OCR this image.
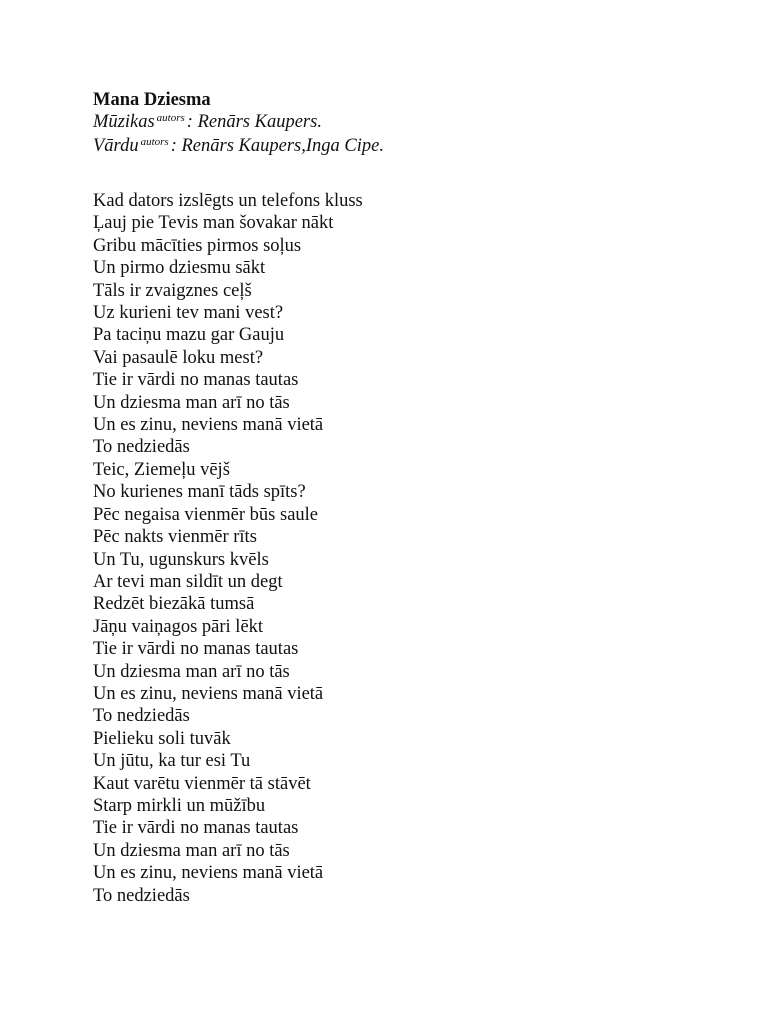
Mana Dziesma

Mūzikas $^{autors}$ : Renārs Kaupers.

Vārdu $^{autors}$ : Renārs Kaupers,Inga Cipe.

Kad dators izslēgts un telefons kluss
Ļauj pie Tevis man šovakar nākt
Gribu mācīties pirmos soļus
Un pirmo dziesmu sākt
Tāls ir zvaigznes ceļš
Uz kurieni tev mani vest?
Pa taciņu mazu gar Gauju
Vai pasaulē loku mest?
Tie ir vārdi no manas tautas
Un dziesma man arī no tās
Un es zinu, neviens manā vietā
To nedziedās
Teic, Ziemeļu vējš
No kurienes manī tāds spīts?
Pēc negaisa vienmēr būs saule
Pēc nakts vienmēr rīts
Un Tu, ugunskurs kvēls
Ar tevi man sildīt un degt
Redzēt biezākā tumsā
Jāņu vaiņagos pāri lēkt
Tie ir vārdi no manas tautas
Un dziesma man arī no tās
Un es zinu, neviens manā vietā
To nedziedās
Pielieku soli tuvāk
Un jūtu, ka tur esi Tu
Kaut varētu vienmēr tā stāvēt
Starp mirkli un mūžību
Tie ir vārdi no manas tautas
Un dziesma man arī no tās
Un es zinu, neviens manā vietā
To nedziedās
